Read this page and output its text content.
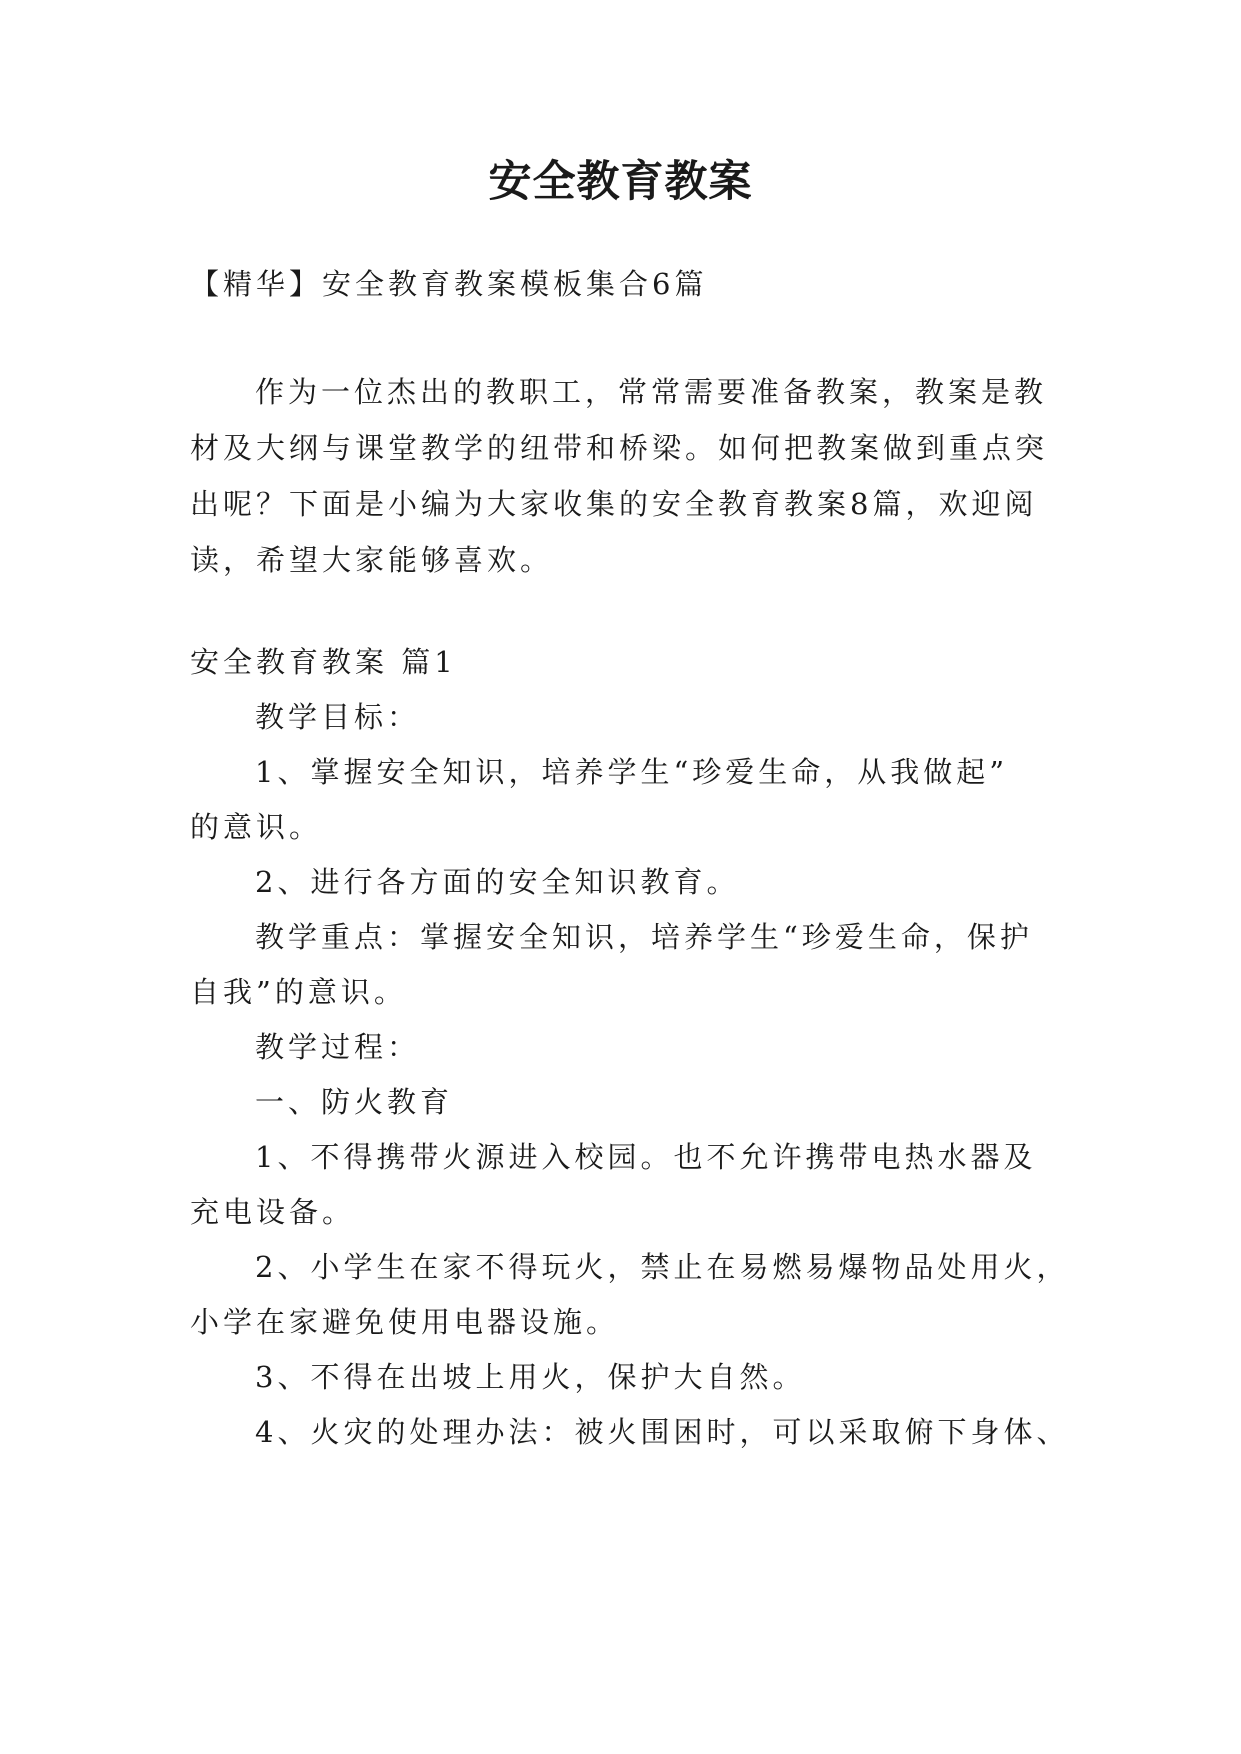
安全教育教案
【精华】安全教育教案模板集合6篇
作为一位杰出的教职工，常常需要准备教案，教案是教
材及大纲与课堂教学的纽带和桥梁。如何把教案做到重点突
出呢？下面是小编为大家收集的安全教育教案8篇，欢迎阅
读，希望大家能够喜欢。
安全教育教案 篇1
教学目标：
1、掌握安全知识，培养学生“珍爱生命，从我做起”
的意识。
2、进行各方面的安全知识教育。
教学重点：掌握安全知识，培养学生“珍爱生命，保护
自我”的意识。
教学过程：
一、防火教育
1、不得携带火源进入校园。也不允许携带电热水器及
充电设备。
2、小学生在家不得玩火，禁止在易燃易爆物品处用火，
小学在家避免使用电器设施。
3、不得在出坡上用火，保护大自然。
4、火灾的处理办法：被火围困时，可以采取俯下身体、
